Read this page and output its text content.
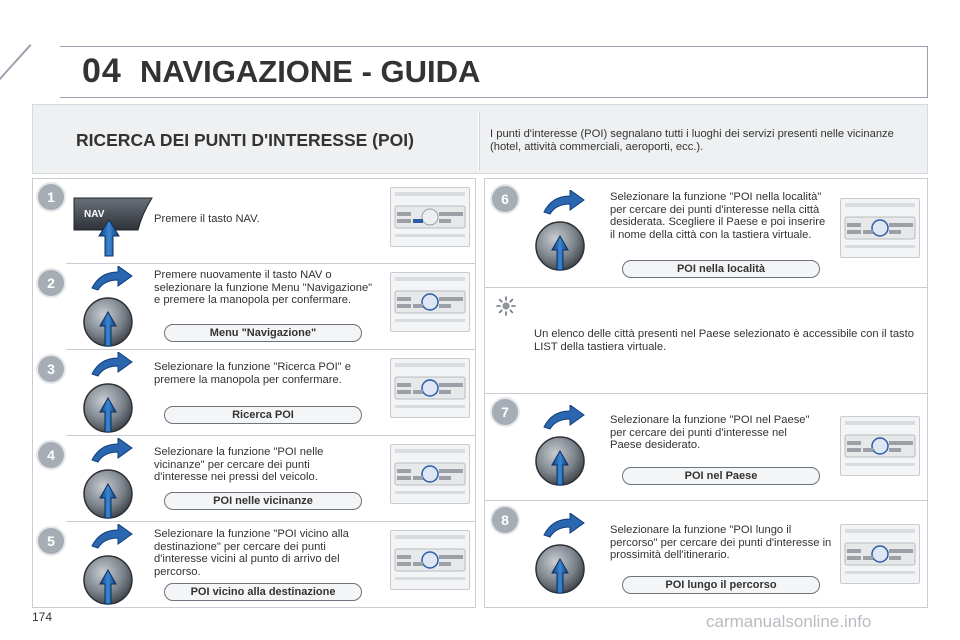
04 NAVIGAZIONE - GUIDA
RICERCA DEI PUNTI D'INTERESSE (POI)	I punti d'interesse (POI) segnalano tutti i luoghi dei servizi presenti nelle vicinanze (hotel, attività commerciali, aeroporti, ecc.).
1
NAV	Premere il tasto NAV.
2	Premere nuovamente il tasto NAV o selezionare la funzione Menu "Navigazione" e premere la manopola per confermare.
Menu "Navigazione"
3	Selezionare la funzione "Ricerca POI" e premere la manopola per confermare.
Ricerca POI
4	Selezionare la funzione "POI nelle vicinanze" per cercare dei punti d'interesse nei pressi del veicolo.
POI nelle vicinanze
5	Selezionare la funzione "POI vicino alla destinazione" per cercare dei punti d'interesse vicini al punto di arrivo del percorso.
POI vicino alla destinazione
6	Selezionare la funzione "POI nella località" per cercare dei punti d'interesse nella città desiderata. Scegliere il Paese e poi inserire il nome della città con la tastiera virtuale.
POI nella località
Un elenco delle città presenti nel Paese selezionato è accessibile con il tasto LIST della tastiera virtuale.
7	Selezionare la funzione "POI nel Paese" per cercare dei punti d'interesse nel Paese desiderato.
POI nel Paese
8
Selezionare la funzione "POI lungo il percorso" per cercare dei punti d'interesse in prossimità dell'itinerario.
POI lungo il percorso
174	carmanualsonline.info
